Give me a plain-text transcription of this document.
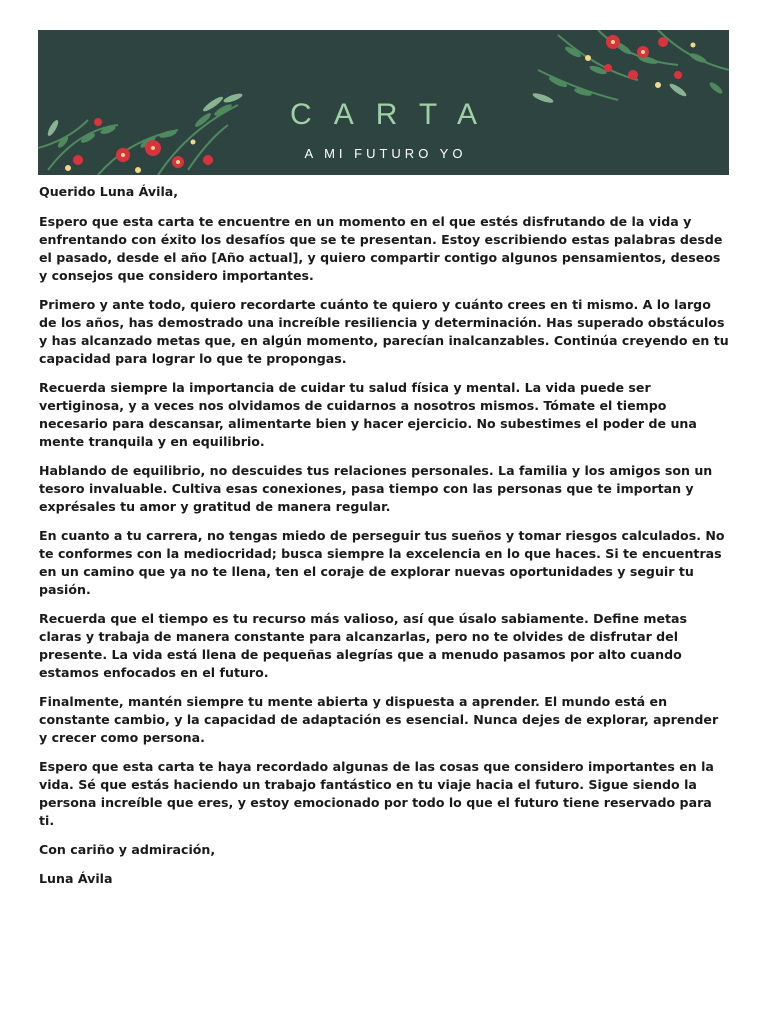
CARTA
A MI FUTURO YO

Querido Luna Ávila,

Espero que esta carta te encuentre en un momento en el que estés disfrutando de la vida y enfrentando con éxito los desafíos que se te presentan. Estoy escribiendo estas palabras desde el pasado, desde el año [Año actual], y quiero compartir contigo algunos pensamientos, deseos y consejos que considero importantes.

Primero y ante todo, quiero recordarte cuánto te quiero y cuánto crees en ti mismo. A lo largo de los años, has demostrado una increíble resiliencia y determinación. Has superado obstáculos y has alcanzado metas que, en algún momento, parecían inalcanzables. Continúa creyendo en tu capacidad para lograr lo que te propongas.

Recuerda siempre la importancia de cuidar tu salud física y mental. La vida puede ser vertiginosa, y a veces nos olvidamos de cuidarnos a nosotros mismos. Tómate el tiempo necesario para descansar, alimentarte bien y hacer ejercicio. No subestimes el poder de una mente tranquila y en equilibrio.

Hablando de equilibrio, no descuides tus relaciones personales. La familia y los amigos son un tesoro invaluable. Cultiva esas conexiones, pasa tiempo con las personas que te importan y exprésales tu amor y gratitud de manera regular.

En cuanto a tu carrera, no tengas miedo de perseguir tus sueños y tomar riesgos calculados. No te conformes con la mediocridad; busca siempre la excelencia en lo que haces. Si te encuentras en un camino que ya no te llena, ten el coraje de explorar nuevas oportunidades y seguir tu pasión.

Recuerda que el tiempo es tu recurso más valioso, así que úsalo sabiamente. Define metas claras y trabaja de manera constante para alcanzarlas, pero no te olvides de disfrutar del presente. La vida está llena de pequeñas alegrías que a menudo pasamos por alto cuando estamos enfocados en el futuro.

Finalmente, mantén siempre tu mente abierta y dispuesta a aprender. El mundo está en constante cambio, y la capacidad de adaptación es esencial. Nunca dejes de explorar, aprender y crecer como persona.

Espero que esta carta te haya recordado algunas de las cosas que considero importantes en la vida. Sé que estás haciendo un trabajo fantástico en tu viaje hacia el futuro. Sigue siendo la persona increíble que eres, y estoy emocionado por todo lo que el futuro tiene reservado para ti.

Con cariño y admiración,

Luna Ávila
